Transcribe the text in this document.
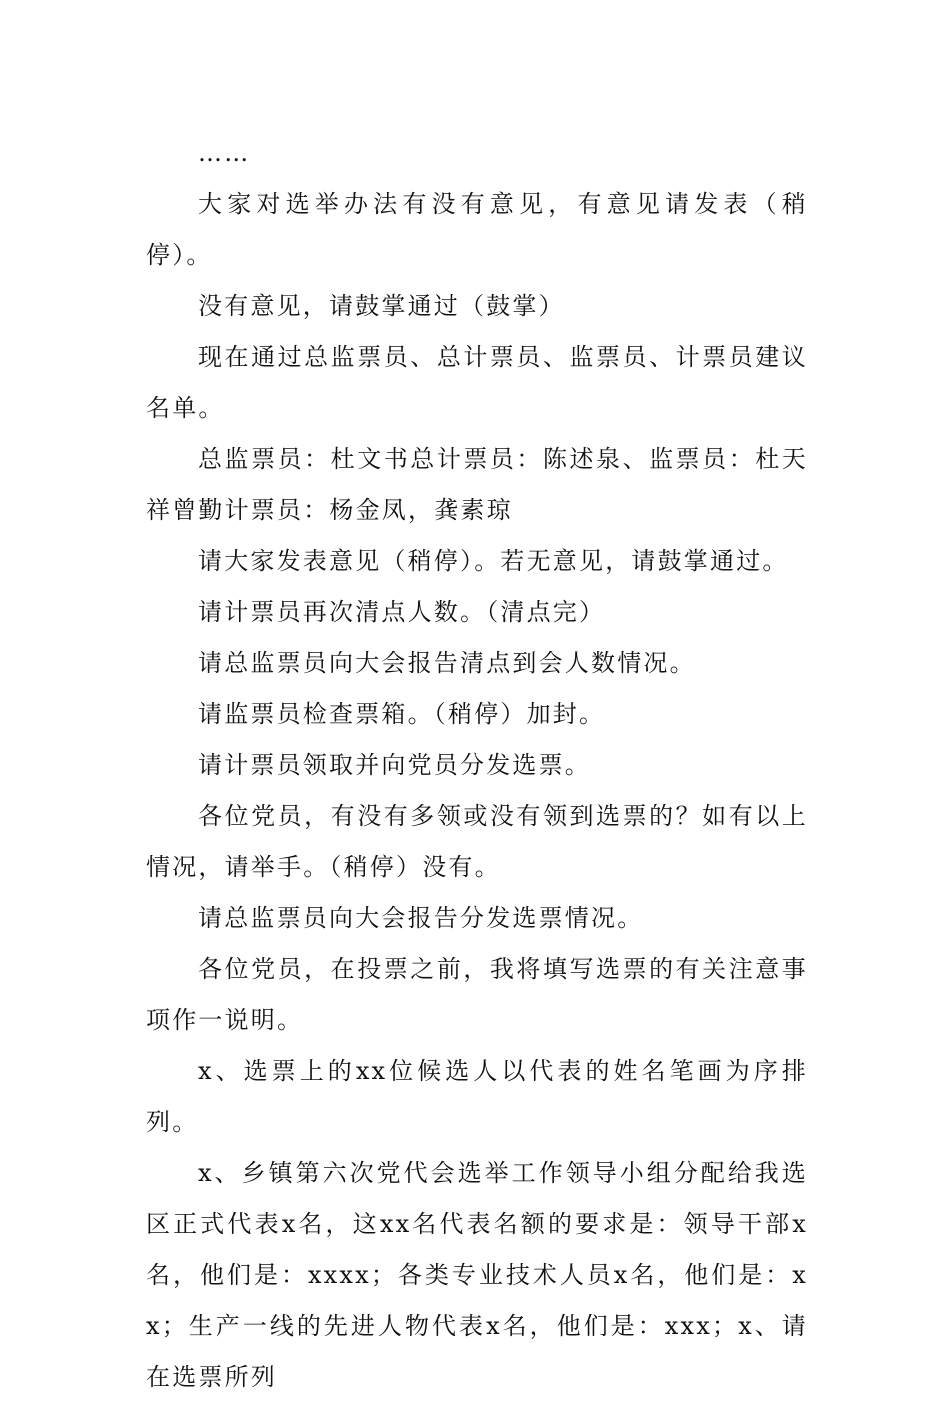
……

大家对选举办法有没有意见，有意见请发表（稍停）。

没有意见，请鼓掌通过（鼓掌）

现在通过总监票员、总计票员、监票员、计票员建议名单。

总监票员：杜文书总计票员：陈述泉、监票员：杜天祥曾勤计票员：杨金凤，龚素琼

请大家发表意见（稍停）。若无意见，请鼓掌通过。

请计票员再次清点人数。（清点完）

请总监票员向大会报告清点到会人数情况。

请监票员检查票箱。（稍停）加封。

请计票员领取并向党员分发选票。

各位党员，有没有多领或没有领到选票的？如有以上情况，请举手。（稍停）没有。

请总监票员向大会报告分发选票情况。

各位党员，在投票之前，我将填写选票的有关注意事项作一说明。

x、选票上的xx位候选人以代表的姓名笔画为序排列。

x、乡镇第六次党代会选举工作领导小组分配给我选区正式代表x名，这xx名代表名额的要求是：领导干部x名，他们是：xxxx；各类专业技术人员x名，他们是：xx；生产一线的先进人物代表x名，他们是：xxx；x、请在选票所列
